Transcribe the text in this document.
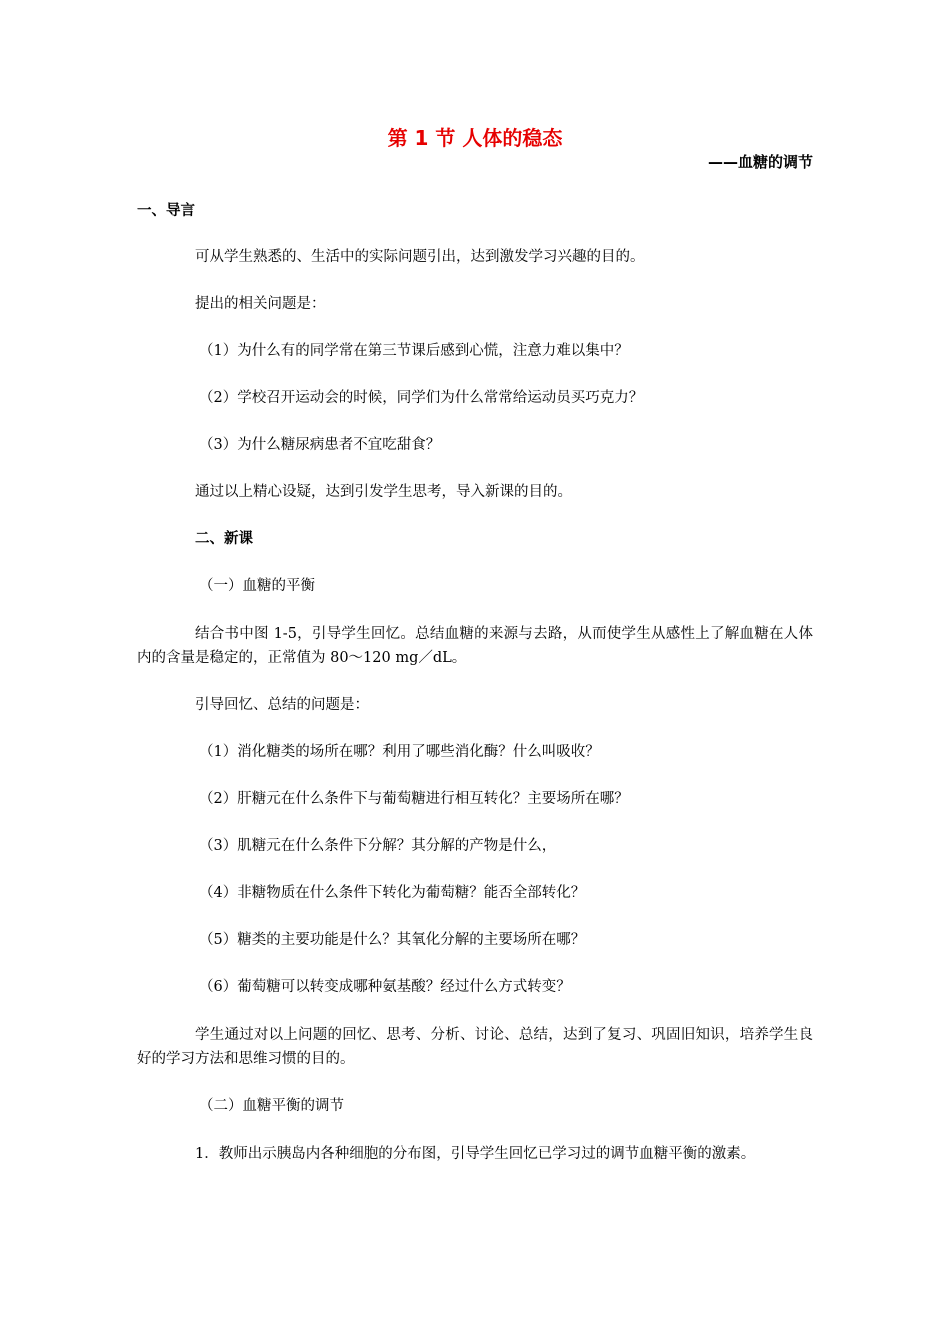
第 1 节 人体的稳态
——血糖的调节
一、导言
可从学生熟悉的、生活中的实际问题引出，达到激发学习兴趣的目的。
提出的相关问题是：
（1）为什么有的同学常在第三节课后感到心慌，注意力难以集中？
（2）学校召开运动会的时候，同学们为什么常常给运动员买巧克力？
（3）为什么糖尿病患者不宜吃甜食？
通过以上精心设疑，达到引发学生思考，导入新课的目的。
二、新课
（一）血糖的平衡
结合书中图 1-5，引导学生回忆。总结血糖的来源与去路，从而使学生从感性上了解血糖在人体内的含量是稳定的，正常值为 80～120 mg／dL。
引导回忆、总结的问题是：
（1）消化糖类的场所在哪？利用了哪些消化酶？什么叫吸收？
（2）肝糖元在什么条件下与葡萄糖进行相互转化？主要场所在哪？
（3）肌糖元在什么条件下分解？其分解的产物是什么，
（4）非糖物质在什么条件下转化为葡萄糖？能否全部转化？
（5）糖类的主要功能是什么？其氧化分解的主要场所在哪？
（6）葡萄糖可以转变成哪种氨基酸？经过什么方式转变？
学生通过对以上问题的回忆、思考、分析、讨论、总结，达到了复习、巩固旧知识，培养学生良好的学习方法和思维习惯的目的。
（二）血糖平衡的调节
1．教师出示胰岛内各种细胞的分布图，引导学生回忆已学习过的调节血糖平衡的激素。
